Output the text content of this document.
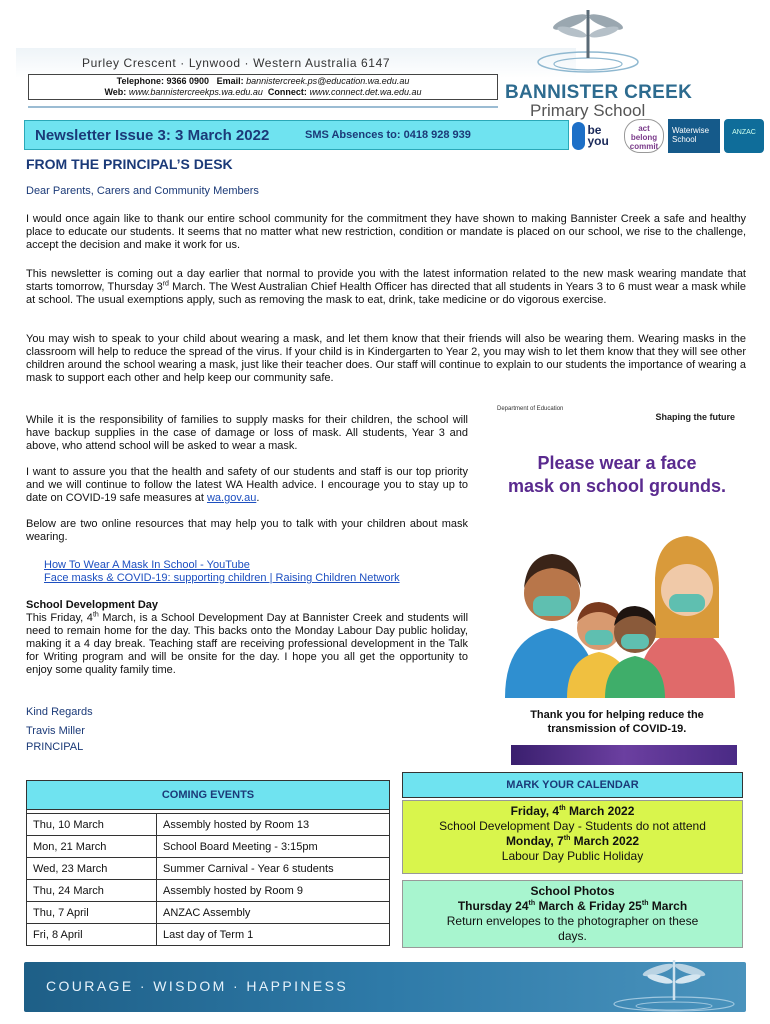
Purley Crescent · Lynwood · Western Australia 6147
Telephone: 9366 0900 Email: bannistercreek.ps@education.wa.edu.au
Web: www.bannistercreekps.wa.edu.au Connect: www.connect.det.wa.edu.au	BANNISTER CREEK
Primary School
Newsletter Issue 3: 3 March 2022	SMS Absences to: 0418 928 939	be you
act belong commit
Waterwise School
ANZAC
FROM THE PRINCIPAL’S DESK
Dear Parents, Carers and Community Members
I would once again like to thank our entire school community for the commitment they have shown to making Bannister Creek a safe and healthy place to educate our students. It seems that no matter what new restriction, condition or mandate is placed on our school, we rise to the challenge, accept the decision and make it work for us.
This newsletter is coming out a day earlier that normal to provide you with the latest information related to the new mask wearing mandate that starts tomorrow, Thursday 3rd March. The West Australian Chief Health Officer has directed that all students in Years 3 to 6 must wear a mask while at school. The usual exemptions apply, such as removing the mask to eat, drink, take medicine or do vigorous exercise.
You may wish to speak to your child about wearing a mask, and let them know that their friends will also be wearing them. Wearing masks in the classroom will help to reduce the spread of the virus. If your child is in Kindergarten to Year 2, you may wish to let them know that they will see other children around the school wearing a mask, just like their teacher does. Our staff will continue to explain to our students the importance of wearing a mask to support each other and help keep our community safe.
While it is the responsibility of families to supply masks for their children, the school will have backup supplies in the case of damage or loss of mask. All students, Year 3 and above, who attend school will be asked to wear a mask.
I want to assure you that the health and safety of our students and staff is our top priority and we will continue to follow the latest WA Health advice. I encourage you to stay up to date on COVID-19 safe measures at wa.gov.au.
Below are two online resources that may help you to talk with your children about mask wearing.
How To Wear A Mask In School - YouTube
Face masks & COVID-19: supporting children | Raising Children Network
School Development Day
This Friday, 4th March, is a School Development Day at Bannister Creek and students will need to remain home for the day. This backs onto the Monday Labour Day public holiday, making it a 4 day break. Teaching staff are receiving professional development in the Talk for Writing program and will be onsite for the day. I hope you all get the opportunity to enjoy some quality family time.
Kind Regards
Travis Miller
PRINCIPAL
Department of Education
Shaping the future
Please wear a face
mask on school grounds.
Thank you for helping reduce the
transmission of COVID-19.
COMING EVENTS
Thu, 10 March	Assembly hosted by Room 13
Mon, 21 March	School Board Meeting - 3:15pm
Wed, 23 March	Summer Carnival - Year 6 students
Thu, 24 March	Assembly hosted by Room 9
Thu, 7 April	ANZAC Assembly
Fri, 8 April	Last day of Term 1
MARK YOUR CALENDAR
Friday, 4th March 2022
School Development Day - Students do not attend
Monday, 7th March 2022
Labour Day Public Holiday
School Photos
Thursday 24th March & Friday 25th March
Return envelopes to the photographer on these days.
COURAGE · WISDOM · HAPPINESS
